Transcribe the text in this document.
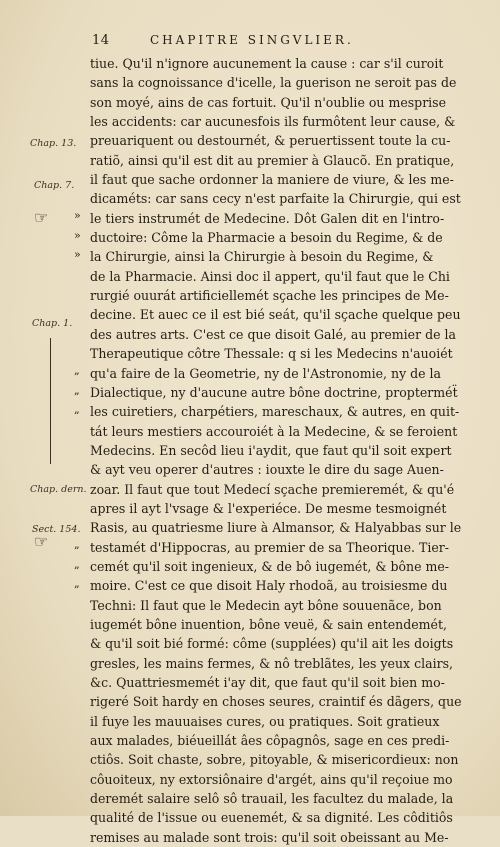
14	CHAPITRE SINGVLIER.
Chap. 13.
Chap. 7.
Chap. 1.
Chap. dern.
Sect. 154.
☞
☞
»
»
»
„
„
„
„
„
„
tiue. Qu'il n'ignore aucunement la cause : car s'il curoit
sans la cognoissance d'icelle, la guerison ne seroit pas de
son moyé, ains de cas fortuit. Qu'il n'oublie ou mesprise
les accidents: car aucunesfois ils furmôtent leur cause, &
preuariquent ou destournét, & peruertissent toute la cu-
ratiõ, ainsi qu'il est dit au premier à Glaucõ. En pratique,
il faut que sache ordonner la maniere de viure, & les me-
dicaméts: car sans cecy n'est parfaite la Chirurgie, qui est
le tiers instrumét de Medecine. Dôt Galen dit en l'intro-
ductoire: Côme la Pharmacie a besoin du Regime, & de
la Chirurgie, ainsi la Chirurgie à besoin du Regime, &
de la Pharmacie. Ainsi doc il appert, qu'il faut que le Chi
rurgié ouurát artificiellemét sçache les principes de Me-
decine. Et auec ce il est bié seát, qu'il sçache quelque peu
des autres arts. C'est ce que disoit Galé, au premier de la
Therapeutique côtre Thessale: q si les Medecins n'auoiét
qu'a faire de la Geometrie, ny de l'Astronomie, ny de la
Dialectique, ny d'aucune autre bône doctrine, propterméẗ
les cuiretiers, charpétiers, mareschaux, & autres, en quit-
tát leurs mestiers accouroiét à la Medecine, & se feroient
Medecins. En secôd lieu i'aydit, que faut qu'il soit expert
& ayt veu operer d'autres : iouxte le dire du sage Auen-
zoar. Il faut que tout Medecí sçache premieremét, & qu'é
apres il ayt l'vsage & l'experiéce. De mesme tesmoignét
Rasis, au quatriesme liure à Almansor, & Halyabbas sur le
testamét d'Hippocras, au premier de sa Theorique. Tier-
cemét qu'il soit ingenieux, & de bô iugemét, & bône me-
moire. C'est ce que disoit Haly rhodoã, au troisiesme du
Techni: Il faut que le Medecin ayt bône souuenãce, bon
iugemét bône inuention, bône veuë, & sain entendemét,
& qu'il soit bié formé: côme (supplées) qu'il ait les doigts
gresles, les mains fermes, & nô treblãtes, les yeux clairs,
&c. Quattriesmemét i'ay dit, que faut qu'il soit bien mo-
rigeré Soit hardy en choses seures, craintif és dãgers, que
il fuye les mauuaises cures, ou pratiques. Soit gratieux
aux malades, biéueillát âes côpagnôs, sage en ces predi-
ctiôs. Soit chaste, sobre, pitoyable, & misericordieux: non
côuoiteux, ny extorsiônaire d'argét, ains qu'il reçoiue mo
deremét salaire selô sô trauail, les facultez du malade, la
qualité de l'issue ou euenemét, & sa dignité. Les côditiôs
remises au malade sont trois: qu'il soit obeissant au Me-
